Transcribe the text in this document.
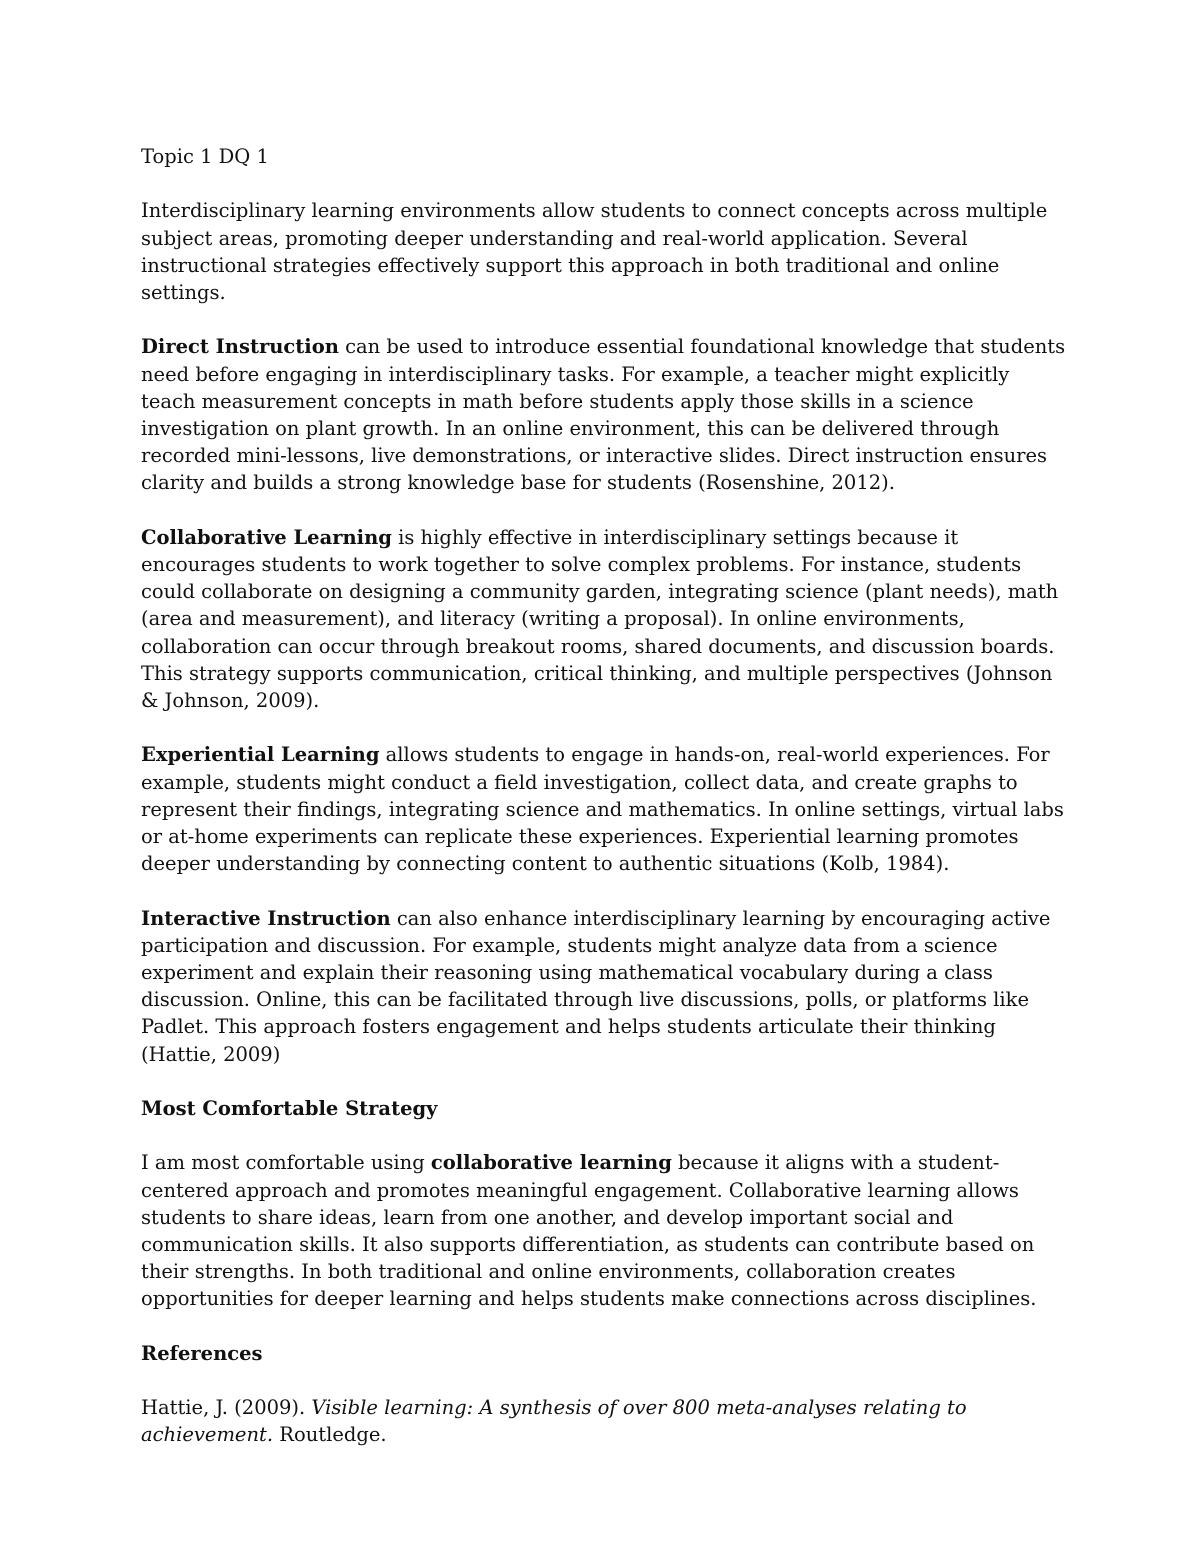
Topic 1 DQ 1

Interdisciplinary learning environments allow students to connect concepts across multiple subject areas, promoting deeper understanding and real-world application. Several instructional strategies effectively support this approach in both traditional and online settings.

Direct Instruction can be used to introduce essential foundational knowledge that students need before engaging in interdisciplinary tasks. For example, a teacher might explicitly teach measurement concepts in math before students apply those skills in a science investigation on plant growth. In an online environment, this can be delivered through recorded mini-lessons, live demonstrations, or interactive slides. Direct instruction ensures clarity and builds a strong knowledge base for students (Rosenshine, 2012).

Collaborative Learning is highly effective in interdisciplinary settings because it encourages students to work together to solve complex problems. For instance, students could collaborate on designing a community garden, integrating science (plant needs), math (area and measurement), and literacy (writing a proposal). In online environments, collaboration can occur through breakout rooms, shared documents, and discussion boards. This strategy supports communication, critical thinking, and multiple perspectives (Johnson & Johnson, 2009).

Experiential Learning allows students to engage in hands-on, real-world experiences. For example, students might conduct a field investigation, collect data, and create graphs to represent their findings, integrating science and mathematics. In online settings, virtual labs or at-home experiments can replicate these experiences. Experiential learning promotes deeper understanding by connecting content to authentic situations (Kolb, 1984).

Interactive Instruction can also enhance interdisciplinary learning by encouraging active participation and discussion. For example, students might analyze data from a science experiment and explain their reasoning using mathematical vocabulary during a class discussion. Online, this can be facilitated through live discussions, polls, or platforms like Padlet. This approach fosters engagement and helps students articulate their thinking (Hattie, 2009)

Most Comfortable Strategy

I am most comfortable using collaborative learning because it aligns with a student-centered approach and promotes meaningful engagement. Collaborative learning allows students to share ideas, learn from one another, and develop important social and communication skills. It also supports differentiation, as students can contribute based on their strengths. In both traditional and online environments, collaboration creates opportunities for deeper learning and helps students make connections across disciplines.

References

Hattie, J. (2009). Visible learning: A synthesis of over 800 meta-analyses relating to achievement. Routledge.
